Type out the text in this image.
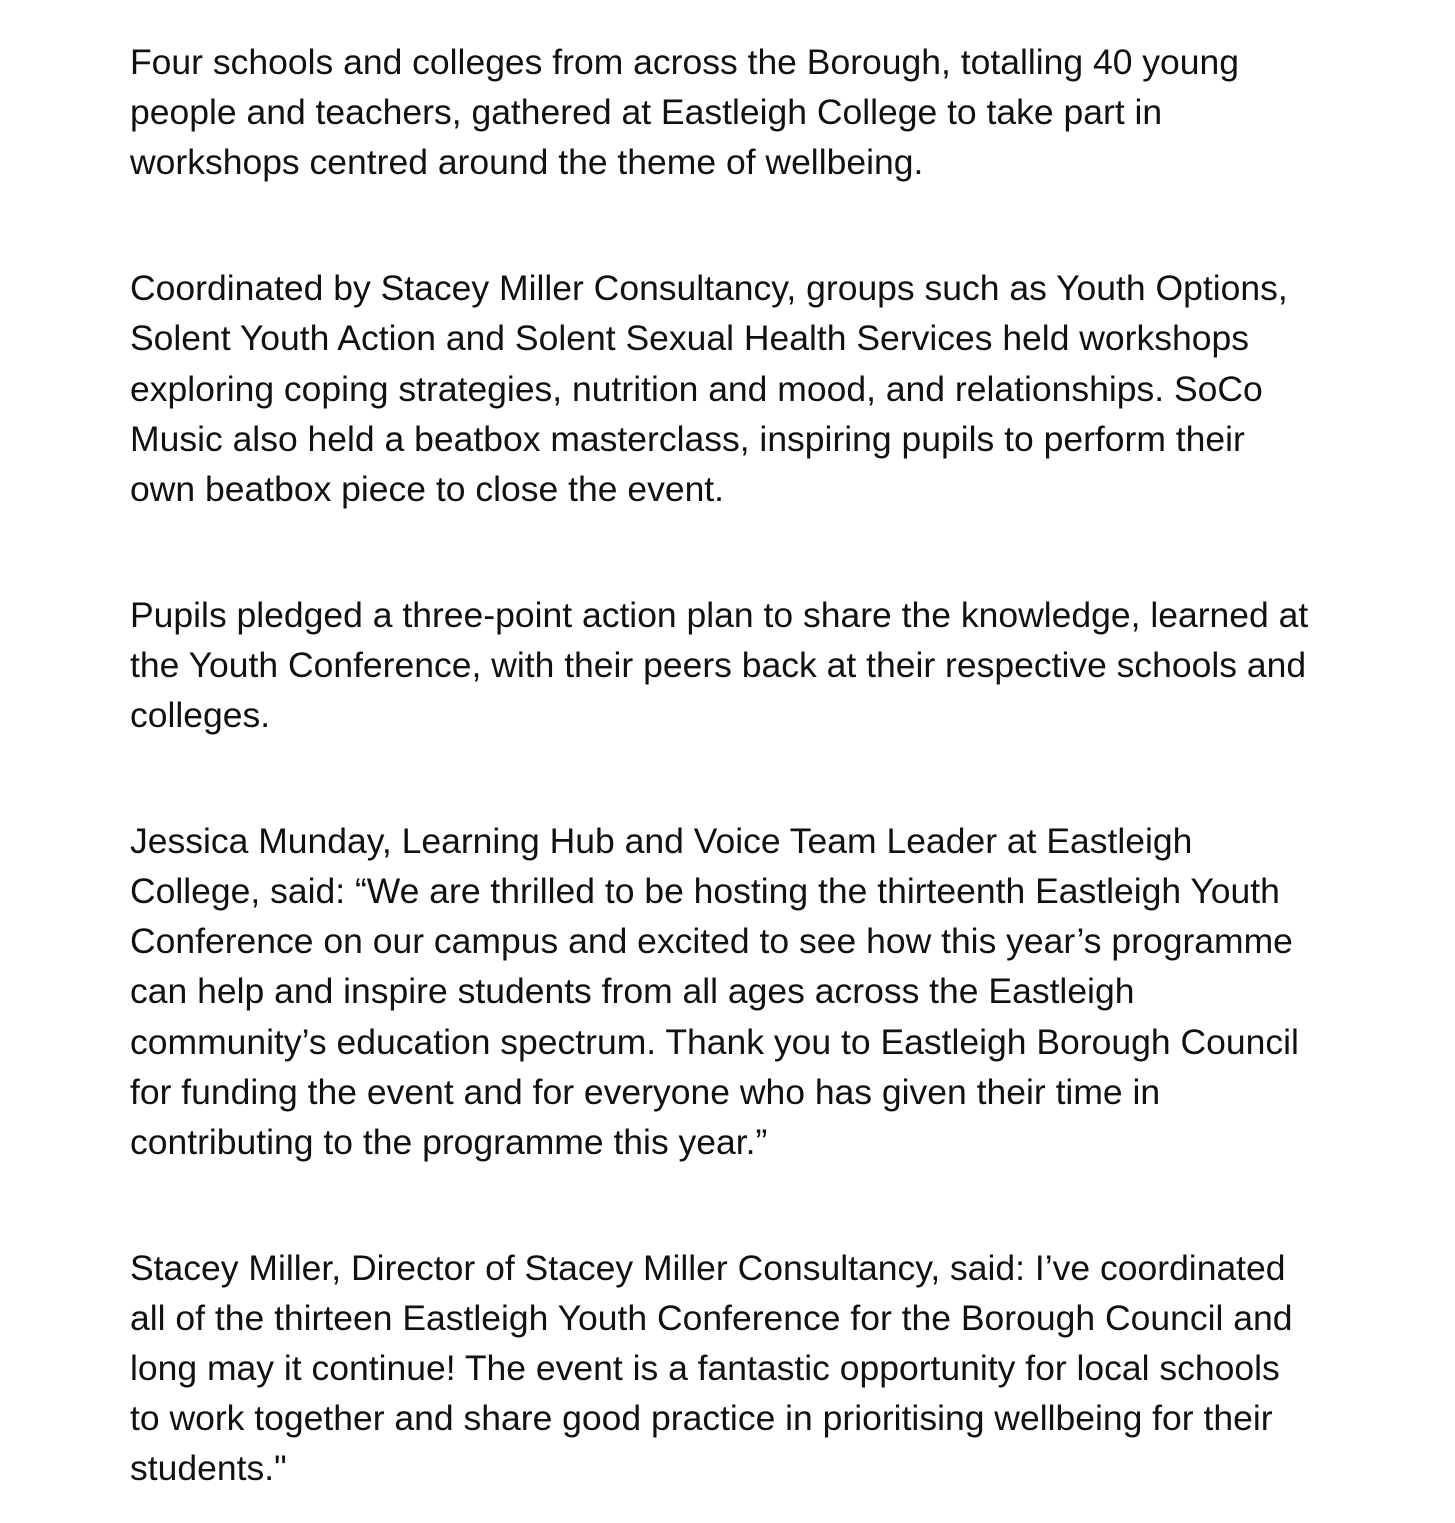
Four schools and colleges from across the Borough, totalling 40 young
people and teachers, gathered at Eastleigh College to take part in
workshops centred around the theme of wellbeing.

Coordinated by Stacey Miller Consultancy, groups such as Youth Options,
Solent Youth Action and Solent Sexual Health Services held workshops
exploring coping strategies, nutrition and mood, and relationships. SoCo
Music also held a beatbox masterclass, inspiring pupils to perform their
own beatbox piece to close the event.

Pupils pledged a three-point action plan to share the knowledge, learned at
the Youth Conference, with their peers back at their respective schools and
colleges.

Jessica Munday, Learning Hub and Voice Team Leader at Eastleigh
College, said: “We are thrilled to be hosting the thirteenth Eastleigh Youth
Conference on our campus and excited to see how this year’s programme
can help and inspire students from all ages across the Eastleigh
community’s education spectrum. Thank you to Eastleigh Borough Council
for funding the event and for everyone who has given their time in
contributing to the programme this year.”

Stacey Miller, Director of Stacey Miller Consultancy, said: I’ve coordinated
all of the thirteen Eastleigh Youth Conference for the Borough Council and
long may it continue! The event is a fantastic opportunity for local schools
to work together and share good practice in prioritising wellbeing for their
students."
